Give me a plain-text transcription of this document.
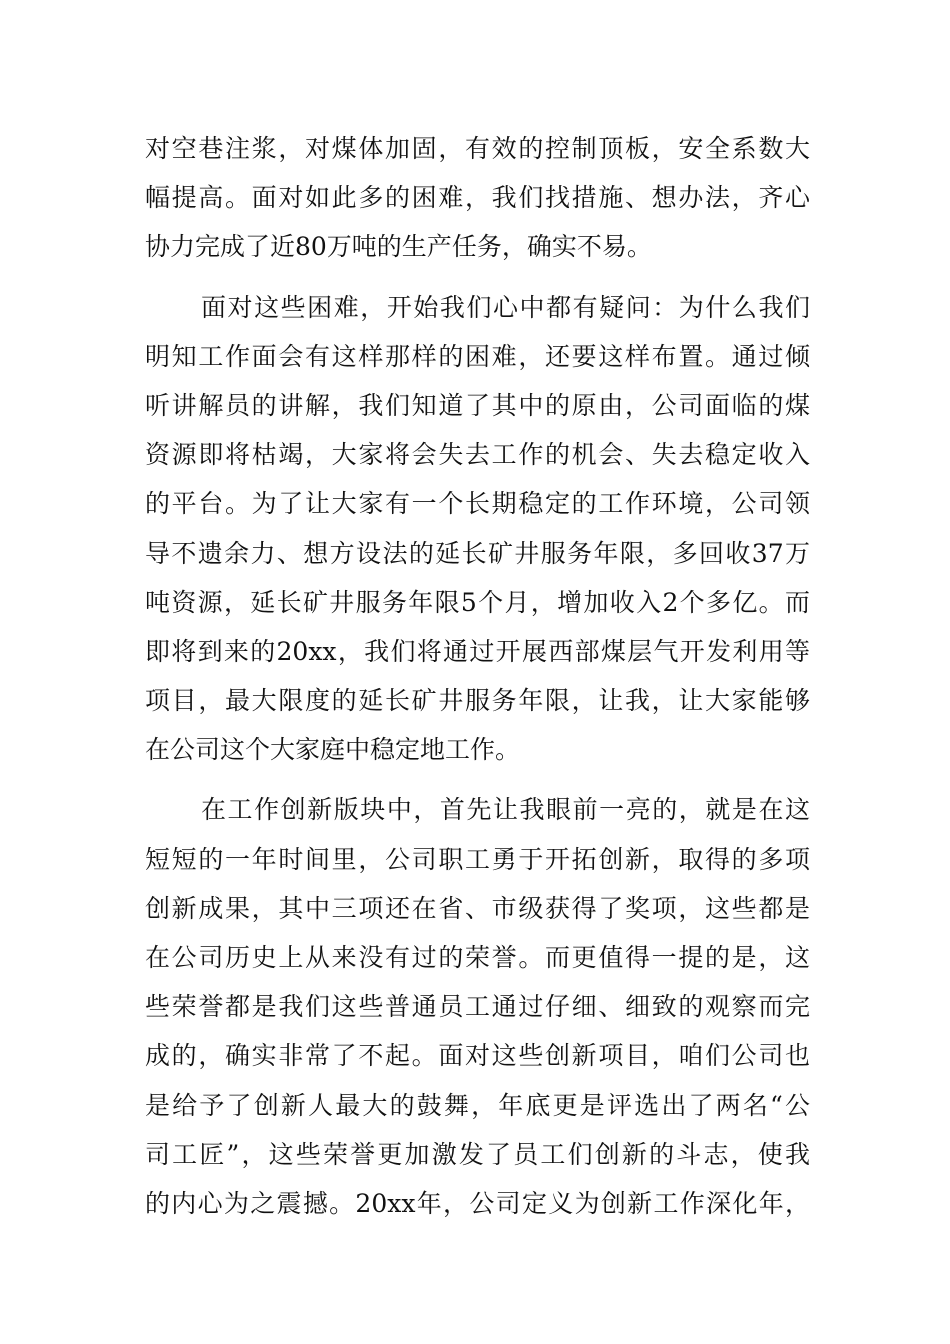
对空巷注浆，对煤体加固，有效的控制顶板，安全系数大
幅提高。面对如此多的困难，我们找措施、想办法，齐心
协力完成了近80万吨的生产任务，确实不易。
面对这些困难，开始我们心中都有疑问：为什么我们
明知工作面会有这样那样的困难，还要这样布置。通过倾
听讲解员的讲解，我们知道了其中的原由，公司面临的煤
资源即将枯竭，大家将会失去工作的机会、失去稳定收入
的平台。为了让大家有一个长期稳定的工作环境，公司领
导不遗余力、想方设法的延长矿井服务年限，多回收37万
吨资源，延长矿井服务年限5个月，增加收入2个多亿。而
即将到来的20xx，我们将通过开展西部煤层气开发利用等
项目，最大限度的延长矿井服务年限，让我，让大家能够
在公司这个大家庭中稳定地工作。
在工作创新版块中，首先让我眼前一亮的，就是在这
短短的一年时间里，公司职工勇于开拓创新，取得的多项
创新成果，其中三项还在省、市级获得了奖项，这些都是
在公司历史上从来没有过的荣誉。而更值得一提的是，这
些荣誉都是我们这些普通员工通过仔细、细致的观察而完
成的，确实非常了不起。面对这些创新项目，咱们公司也
是给予了创新人最大的鼓舞，年底更是评选出了两名“公
司工匠”，这些荣誉更加激发了员工们创新的斗志，使我
的内心为之震撼。20xx年，公司定义为创新工作深化年，
